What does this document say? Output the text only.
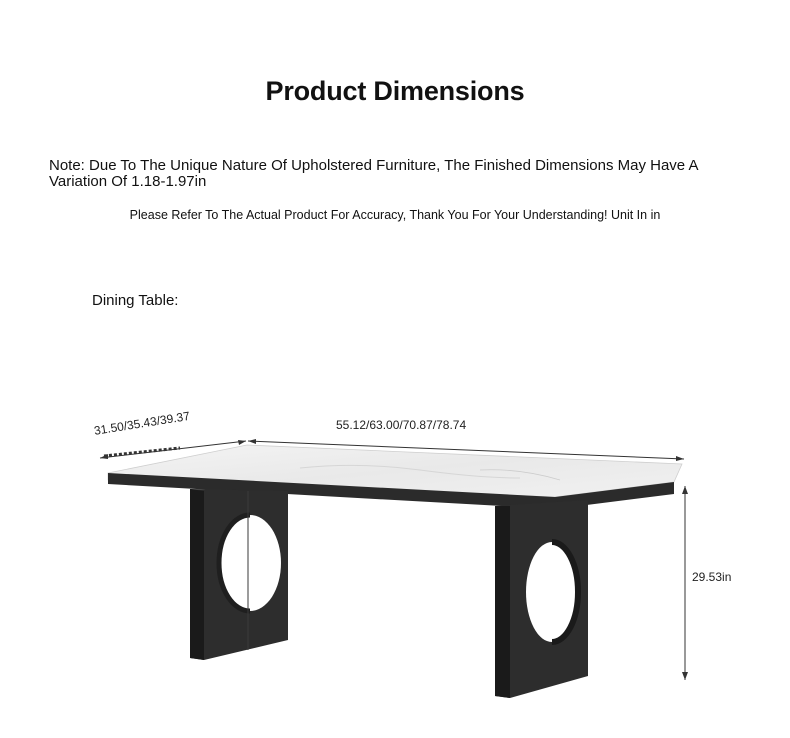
Product Dimensions
Note: Due To The Unique Nature Of Upholstered Furniture, The Finished Dimensions May Have A Variation Of 1.18-1.97in
Please Refer To The Actual Product For Accuracy, Thank You For Your Understanding! Unit In in
Dining Table:
31.50/35.43/39.37	55.12/63.00/70.87/78.74
29.53in
